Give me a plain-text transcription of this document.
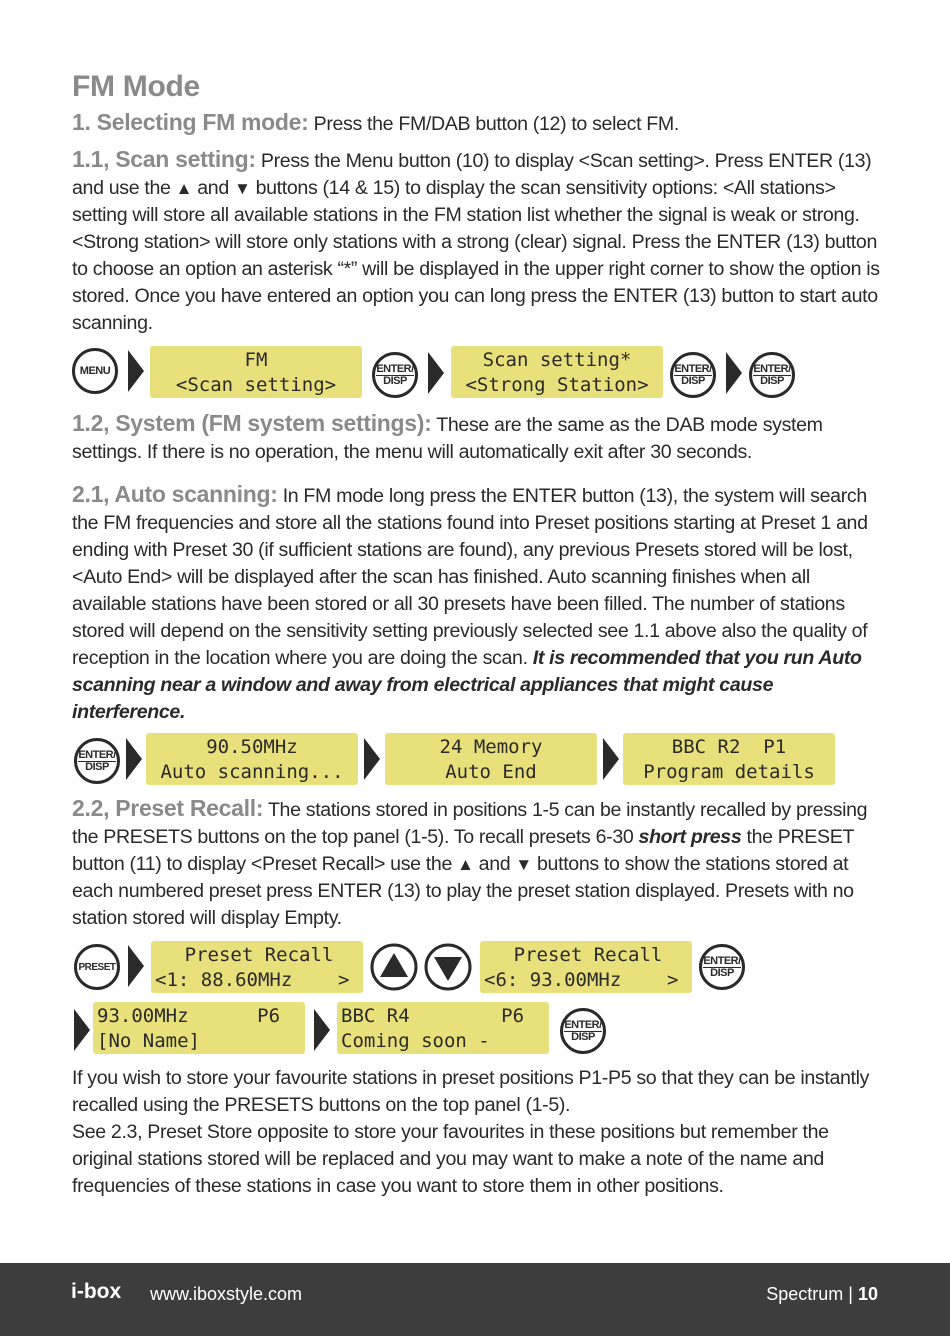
FM Mode

1. Selecting FM mode: Press the FM/DAB button (12) to select FM.

1.1, Scan setting: Press the Menu button (10) to display <Scan setting>. Press ENTER (13) and use the ▲ and ▼ buttons (14 & 15) to display the scan sensitivity options: <All stations> setting will store all available stations in the FM station list whether the signal is weak or strong. <Strong station> will store only stations with a strong (clear) signal. Press the ENTER (13) button to choose an option an asterisk “*” will be displayed in the upper right corner to show the option is stored. Once you have entered an option you can long press the ENTER (13) button to start auto scanning.

MENU	FM
<Scan setting>
ENTER/
DISP
Scan setting*
<Strong Station>
ENTER/
DISP
ENTER/
DISP

1.2, System (FM system settings): These are the same as the DAB mode system settings. If there is no operation, the menu will automatically exit after 30 seconds.

2.1, Auto scanning: In FM mode long press the ENTER button (13), the system will search the FM frequencies and store all the stations found into Preset positions starting at Preset 1 and ending with Preset 30 (if sufficient stations are found), any previous Presets stored will be lost, <Auto End> will be displayed after the scan has finished. Auto scanning finishes when all available stations have been stored or all 30 presets have been filled. The number of stations stored will depend on the sensitivity setting previously selected see 1.1 above also the quality of reception in the location where you are doing the scan. It is recommended that you run Auto scanning near a window and away from electrical appliances that might cause interference.

ENTER/
DISP
90.50MHz
Auto scanning...
24 Memory
Auto End
BBC R2  P1
Program details

2.2, Preset Recall: The stations stored in positions 1-5 can be instantly recalled by pressing the PRESETS buttons on the top panel (1-5). To recall presets 6-30 short press the PRESET button (11) to display <Preset Recall> use the ▲ and ▼ buttons to show the stations stored at each numbered preset press ENTER (13) to play the preset station displayed. Presets with no station stored will display Empty.

PRESET
Preset Recall
<1: 88.60MHz    >
Preset Recall
<6: 93.00MHz    >
ENTER/
DISP
93.00MHz      P6
[No Name]
BBC R4        P6
Coming soon -
ENTER/
DISP

If you wish to store your favourite stations in preset positions P1-P5 so that they can be instantly recalled using the PRESETS buttons on the top panel (1-5).

See 2.3, Preset Store opposite to store your favourites in these positions but remember the original stations stored will be replaced and you may want to make a note of the name and frequencies of these stations in case you want to store them in other positions.

i-box www.iboxstyle.com	Spectrum | 10
